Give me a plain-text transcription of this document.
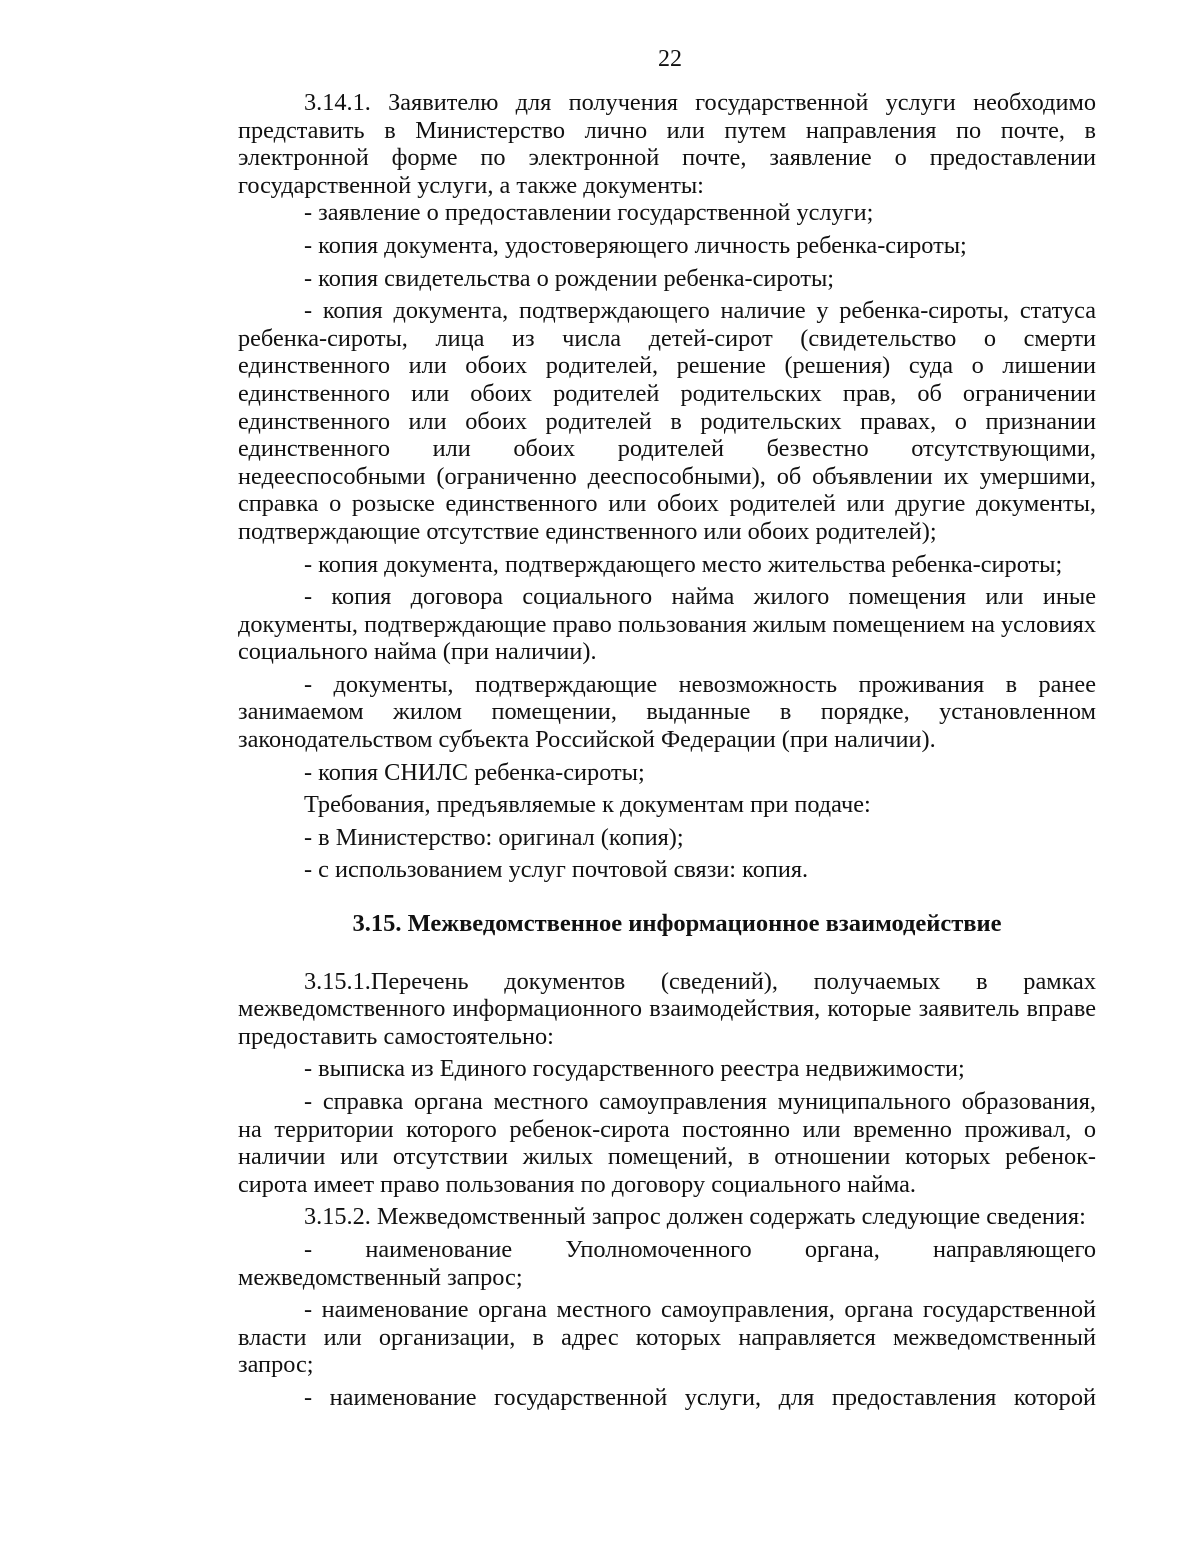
22

3.14.1. Заявителю для получения государственной услуги необходимо представить в Министерство лично или путем направления по почте, в электронной форме по электронной почте, заявление о предоставлении государственной услуги, а также документы:

- заявление о предоставлении государственной услуги;

- копия документа, удостоверяющего личность ребенка-сироты;

- копия свидетельства о рождении ребенка-сироты;

- копия документа, подтверждающего наличие у ребенка-сироты, статуса ребенка-сироты, лица из числа детей-сирот (свидетельство о смерти единственного или обоих родителей, решение (решения) суда о лишении единственного или обоих родителей родительских прав, об ограничении единственного или обоих родителей в родительских правах, о признании единственного или обоих родителей безвестно отсутствующими, недееспособными (ограниченно дееспособными), об объявлении их умершими, справка о розыске единственного или обоих родителей или другие документы, подтверждающие отсутствие единственного или обоих родителей);

- копия документа, подтверждающего место жительства ребенка-сироты;

- копия договора социального найма жилого помещения или иные документы, подтверждающие право пользования жилым помещением на условиях социального найма (при наличии).

- документы, подтверждающие невозможность проживания в ранее занимаемом жилом помещении, выданные в порядке, установленном законодательством субъекта Российской Федерации (при наличии).

- копия СНИЛС ребенка-сироты;

Требования, предъявляемые к документам при подаче:

- в Министерство: оригинал (копия);

- с использованием услуг почтовой связи: копия.

3.15. Межведомственное информационное взаимодействие

3.15.1.Перечень документов (сведений), получаемых в рамках межведомственного информационного взаимодействия, которые заявитель вправе предоставить самостоятельно:

- выписка из Единого государственного реестра недвижимости;

- справка органа местного самоуправления муниципального образования, на территории которого ребенок-сирота постоянно или временно проживал, о наличии или отсутствии жилых помещений, в отношении которых ребенок-сирота имеет право пользования по договору социального найма.

3.15.2. Межведомственный запрос должен содержать следующие сведения:

- наименование Уполномоченного органа, направляющего межведомственный запрос;

- наименование органа местного самоуправления, органа государственной власти или организации, в адрес которых направляется межведомственный запрос;

- наименование государственной услуги, для предоставления которой
